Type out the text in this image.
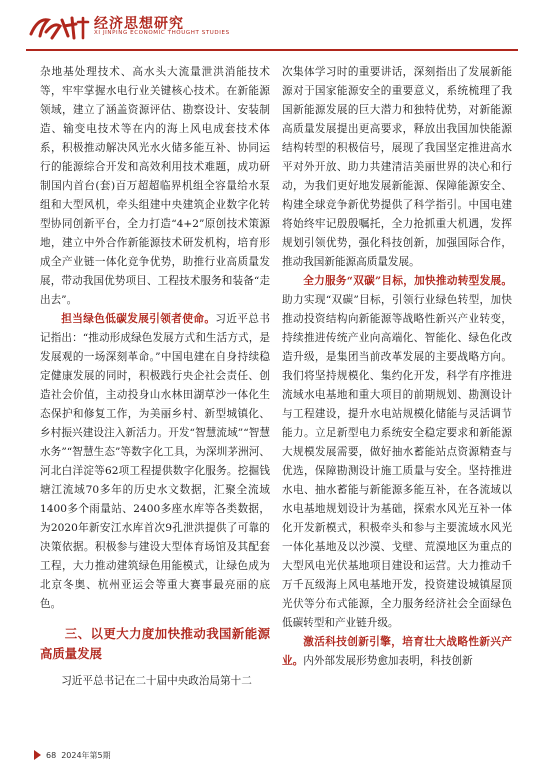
经济思想研究
XI JINPING ECONOMIC THOUGHT STUDIES

杂地基处理技术、高水头大流量泄洪消能技术等，牢牢掌握水电行业关键核心技术。在新能源领域，建立了涵盖资源评估、勘察设计、安装制造、输变电技术等在内的海上风电成套技术体系，积极推动解决风光水火储多能互补、协同运行的能源综合开发和高效利用技术难题，成功研制国内首台(套)百万超超临界机组全容量给水泵组和大型风机，牵头组建中央建筑企业数字化转型协同创新平台，全力打造“4+2”原创技术策源地，建立中外合作新能源技术研发机构，培育形成全产业链一体化竞争优势，助推行业高质量发展，带动我国优势项目、工程技术服务和装备“走出去”。

担当绿色低碳发展引领者使命。习近平总书记指出：“推动形成绿色发展方式和生活方式，是发展观的一场深刻革命。”中国电建在自身持续稳定健康发展的同时，积极践行央企社会责任、创造社会价值，主动投身山水林田湖草沙一体化生态保护和修复工作，为美丽乡村、新型城镇化、乡村振兴建设注入新活力。开发“智慧流域”“智慧水务”“智慧生态”等数字化工具，为深圳茅洲河、河北白洋淀等62项工程提供数字化服务。挖掘钱塘江流域70多年的历史水文数据，汇聚全流域1400多个雨量站、2400多座水库等各类数据，为2020年新安江水库首次9孔泄洪提供了可靠的决策依据。积极参与建设大型体育场馆及其配套工程，大力推动建筑绿色用能模式，让绿色成为北京冬奥、杭州亚运会等重大赛事最亮丽的底色。

三、以更大力度加快推动我国新能源高质量发展

习近平总书记在二十届中央政治局第十二

次集体学习时的重要讲话，深刻指出了发展新能源对于国家能源安全的重要意义，系统梳理了我国新能源发展的巨大潜力和独特优势，对新能源高质量发展提出更高要求，释放出我国加快能源结构转型的积极信号，展现了我国坚定推进高水平对外开放、助力共建清洁美丽世界的决心和行动，为我们更好地发展新能源、保障能源安全、构建全球竞争新优势提供了科学指引。中国电建将始终牢记殷殷嘱托，全力抢抓重大机遇，发挥规划引领优势，强化科技创新，加强国际合作，推动我国新能源高质量发展。

全力服务“双碳”目标，加快推动转型发展。助力实现“双碳”目标，引领行业绿色转型，加快推动投资结构向新能源等战略性新兴产业转变，持续推进传统产业向高端化、智能化、绿色化改造升级，是集团当前改革发展的主要战略方向。我们将坚持规模化、集约化开发，科学有序推进流域水电基地和重大项目的前期规划、勘测设计与工程建设，提升水电站规模化储能与灵活调节能力。立足新型电力系统安全稳定要求和新能源大规模发展需要，做好抽水蓄能站点资源精查与优选，保障勘测设计施工质量与安全。坚持推进水电、抽水蓄能与新能源多能互补，在各流域以水电基地规划设计为基础，探索水风光互补一体化开发新模式，积极牵头和参与主要流域水风光一体化基地及以沙漠、戈壁、荒漠地区为重点的大型风电光伏基地项目建设和运营。大力推动千万千瓦级海上风电基地开发，投资建设城镇屋顶光伏等分布式能源，全力服务经济社会全面绿色低碳转型和产业链升级。

激活科技创新引擎，培育壮大战略性新兴产业。内外部发展形势愈加表明，科技创新

68 2024年第5期
